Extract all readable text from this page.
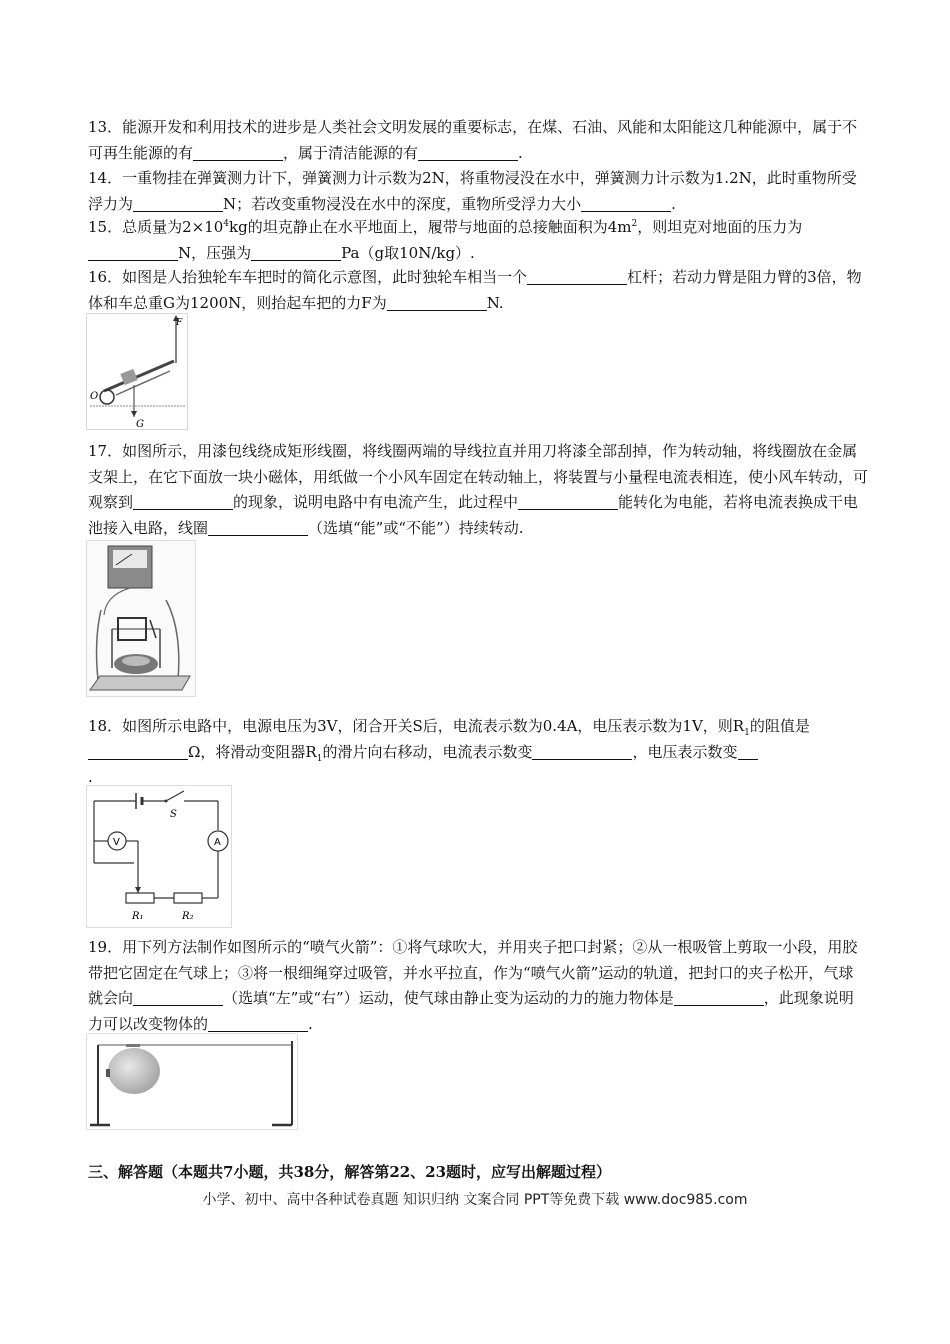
13．能源开发和利用技术的进步是人类社会文明发展的重要标志，在煤、石油、风能和太阳能这几种能源中，属于不可再生能源的有	，属于清洁能源的有	.
14．一重物挂在弹簧测力计下，弹簧测力计示数为2N，将重物浸没在水中，弹簧测力计示数为1.2N，此时重物所受浮力为	N；若改变重物浸没在水中的深度，重物所受浮力大小	.
15．总质量为$2\times 10^4kg$的坦克静止在水平地面上，履带与地面的总接触面积为$4m^2$，则坦克对地面的压力为N，压强为	Pa（g取10N/kg）.
16．如图是人抬独轮车车把时的简化示意图，此时独轮车相当一个	杠杆；若动力臂是阻力臂的3倍，物体和车总重G为1200N，则抬起车把的力F为	N.
F
O
G
17．如图所示，用漆包线绕成矩形线圈，将线圈两端的导线拉直并用刀将漆全部刮掉，作为转动轴，将线圈放在金属支架上，在它下面放一块小磁体，用纸做一个小风车固定在转动轴上，将装置与小量程电流表相连，使小风车转动，可观察到	的现象，说明电路中有电流产生，此过程中	能转化为电能，若将电流表换成干电池接入电路，线圈	（选填“能”或“不能”）持续转动.
18．如图所示电路中，电源电压为3V，闭合开关S后，电流表示数为0.4A，电压表示数为1V，则$R_1$的阻值是Ω，将滑动变阻器$R_1$的滑片向右移动，电流表示数变	，电压表示数变
.
S
A
V
R₁	R₂
19．用下列方法制作如图所示的“喷气火箭”：①将气球吹大，并用夹子把口封紧；②从一根吸管上剪取一小段，用胶带把它固定在气球上；③将一根细绳穿过吸管，并水平拉直，作为“喷气火箭”运动的轨道，把封口的夹子松开，气球就会向	（选填“左”或“右”）运动，使气球由静止变为运动的力的施力物体是	，此现象说明力可以改变物体的	.
三、解答题（本题共7小题，共38分，解答第22、23题时，应写出解题过程）
小学、初中、高中各种试卷真题 知识归纳 文案合同 PPT等免费下载 www.doc985.com
